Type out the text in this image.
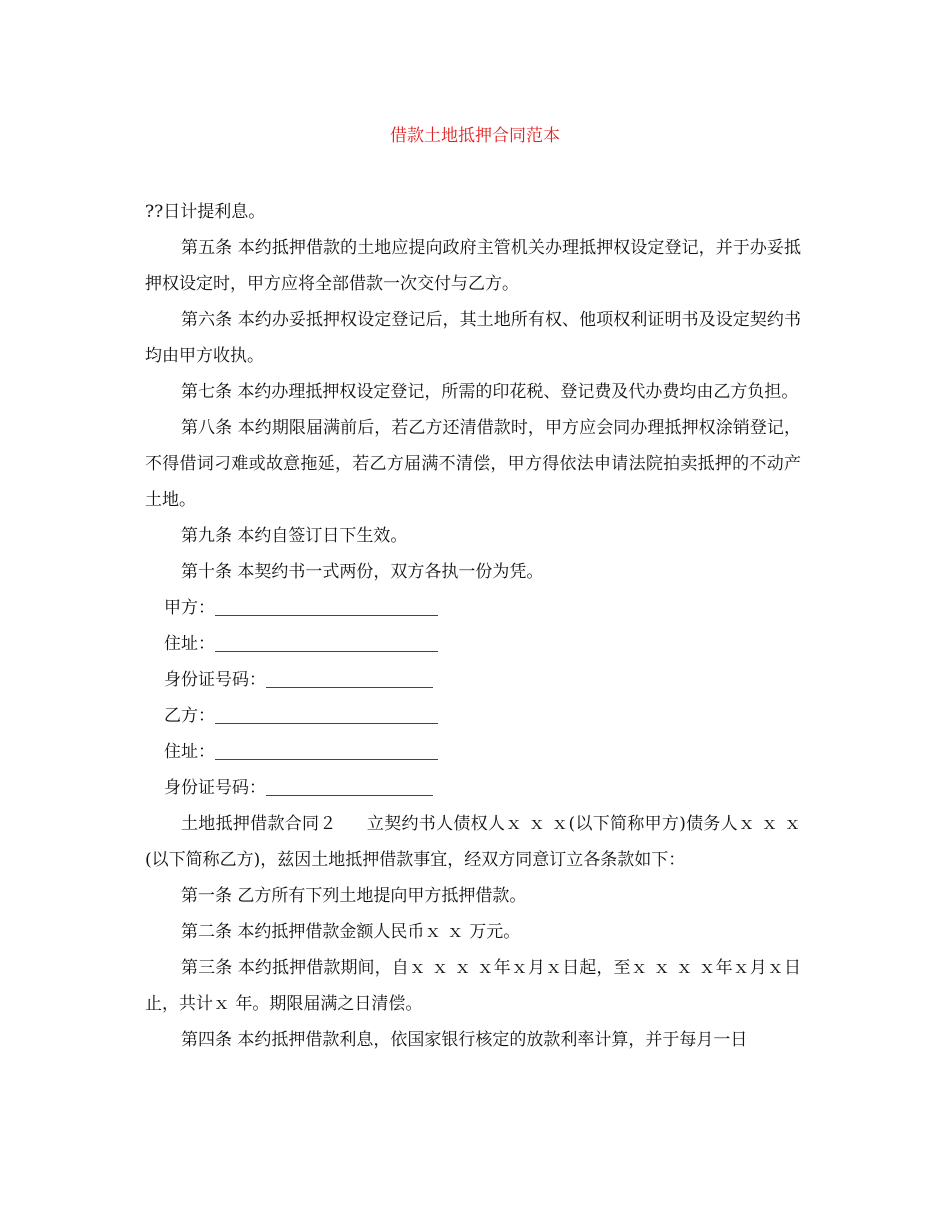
借款土地抵押合同范本

??日计提利息。

第五条 本约抵押借款的土地应提向政府主管机关办理抵押权设定登记，并于办妥抵押权设定时，甲方应将全部借款一次交付与乙方。

第六条 本约办妥抵押权设定登记后，其土地所有权、他项权利证明书及设定契约书均由甲方收执。

第七条 本约办理抵押权设定登记，所需的印花税、登记费及代办费均由乙方负担。

第八条 本约期限届满前后，若乙方还清借款时，甲方应会同办理抵押权涂销登记，不得借词刁难或故意拖延，若乙方届满不清偿，甲方得依法申请法院拍卖抵押的不动产土地。

第九条 本约自签订日下生效。

第十条 本契约书一式两份，双方各执一份为凭。

甲方：

住址：

身份证号码：

乙方：

住址：

身份证号码：

土地抵押借款合同２ 立契约书人债权人ｘ ｘ ｘ(以下简称甲方)债务人ｘ ｘ ｘ(以下简称乙方)，兹因土地抵押借款事宜，经双方同意订立各条款如下：

第一条 乙方所有下列土地提向甲方抵押借款。

第二条 本约抵押借款金额人民币ｘ ｘ 万元。

第三条 本约抵押借款期间，自ｘ ｘ ｘ ｘ年ｘ月ｘ日起，至ｘ ｘ ｘ ｘ年ｘ月ｘ日止，共计ｘ 年。期限届满之日清偿。

第四条 本约抵押借款利息，依国家银行核定的放款利率计算，并于每月一日
